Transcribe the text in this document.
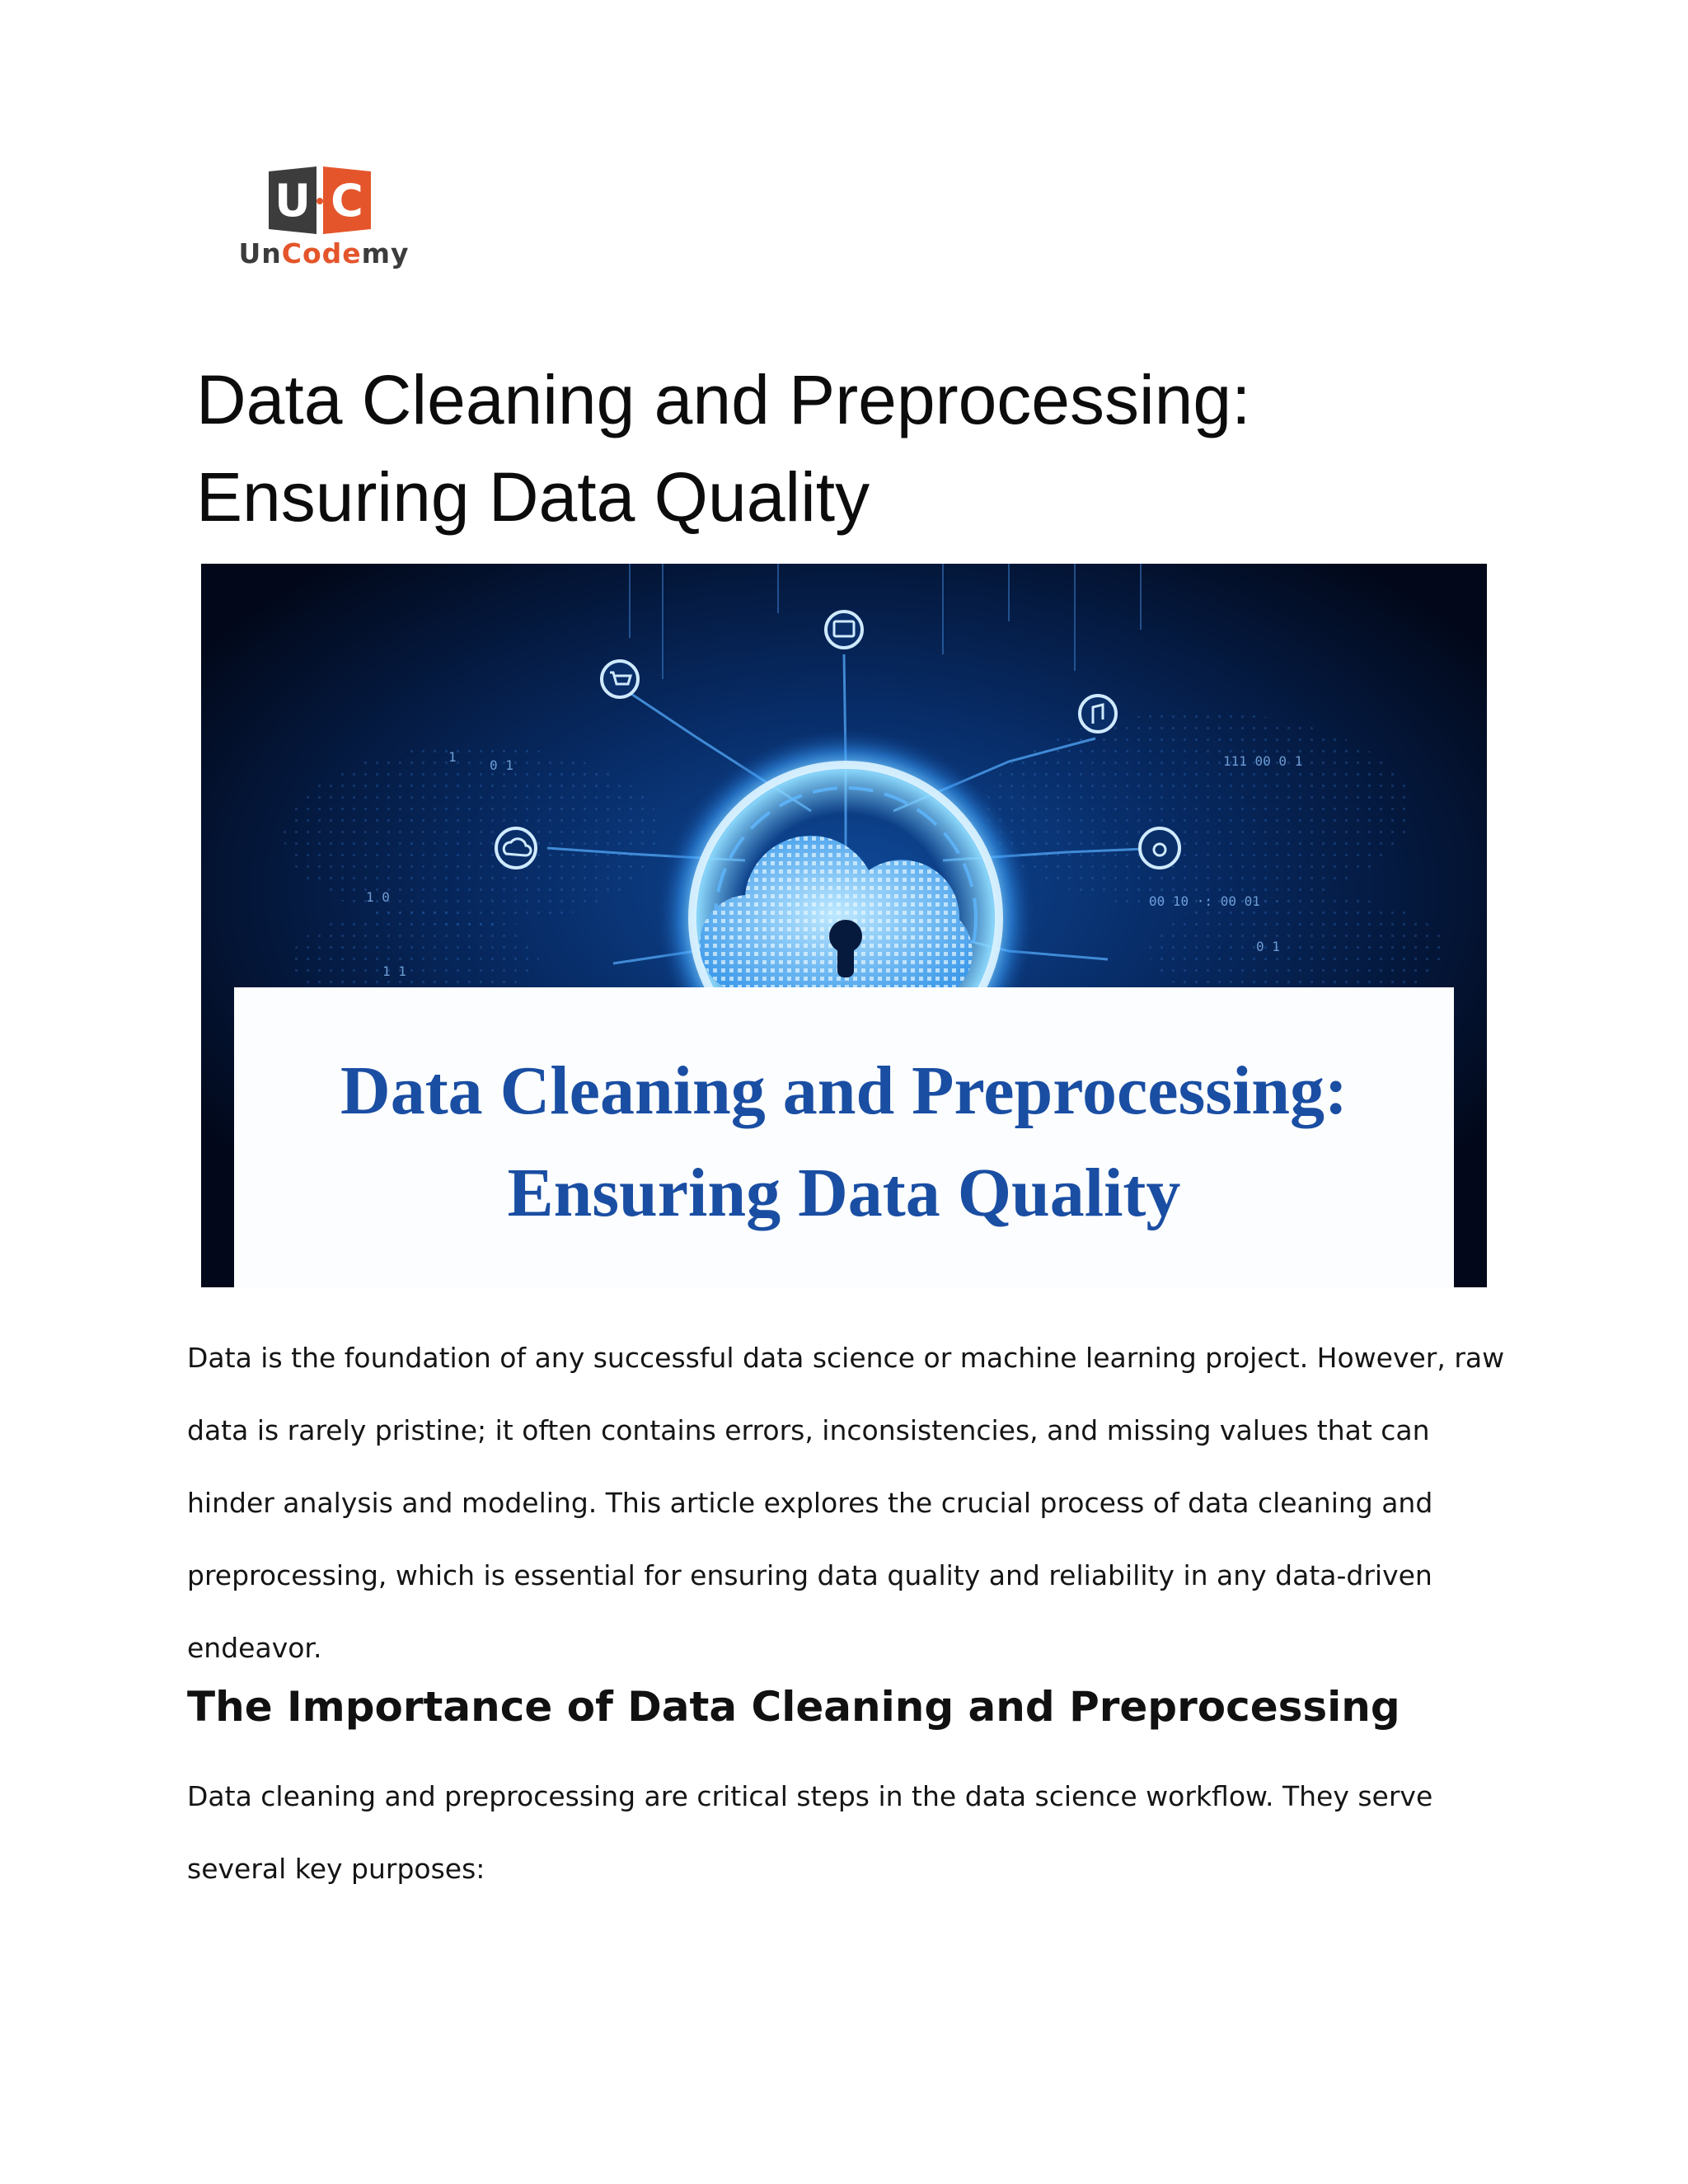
U C
UnCodemy
Data Cleaning and Preprocessing:
Ensuring Data Quality
1
0 1	111 00 0 1
00 10 ·: 00 01
1 0
1 1
0 1
Data Cleaning and Preprocessing:
Ensuring Data Quality

Data is the foundation of any successful data science or machine learning project. However, raw data is rarely pristine; it often contains errors, inconsistencies, and missing values that can hinder analysis and modeling. This article explores the crucial process of data cleaning and preprocessing, which is essential for ensuring data quality and reliability in any data-driven endeavor.

The Importance of Data Cleaning and Preprocessing

Data cleaning and preprocessing are critical steps in the data science workflow. They serve several key purposes:
